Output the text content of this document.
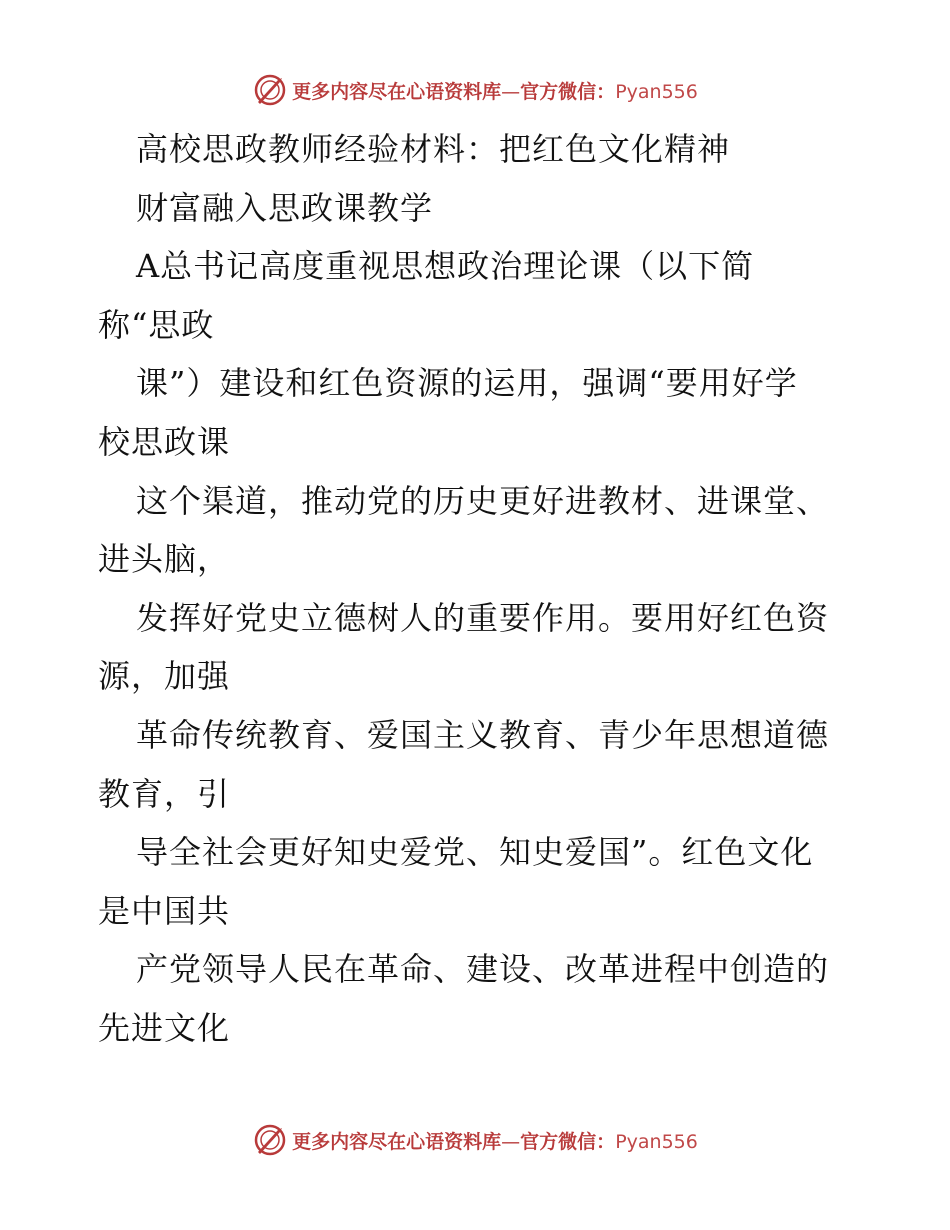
更多内容尽在心语资料库—官方微信：Pyan556
高校思政教师经验材料：把红色文化精神
财富融入思政课教学
A总书记高度重视思想政治理论课（以下简
称“思政
课”）建设和红色资源的运用，强调“要用好学
校思政课
这个渠道，推动党的历史更好进教材、进课堂、
进头脑，
发挥好党史立德树人的重要作用。要用好红色资
源，加强
革命传统教育、爱国主义教育、青少年思想道德
教育，引
导全社会更好知史爱党、知史爱国”。红色文化
是中国共
产党领导人民在革命、建设、改革进程中创造的
先进文化
更多内容尽在心语资料库—官方微信：Pyan556
